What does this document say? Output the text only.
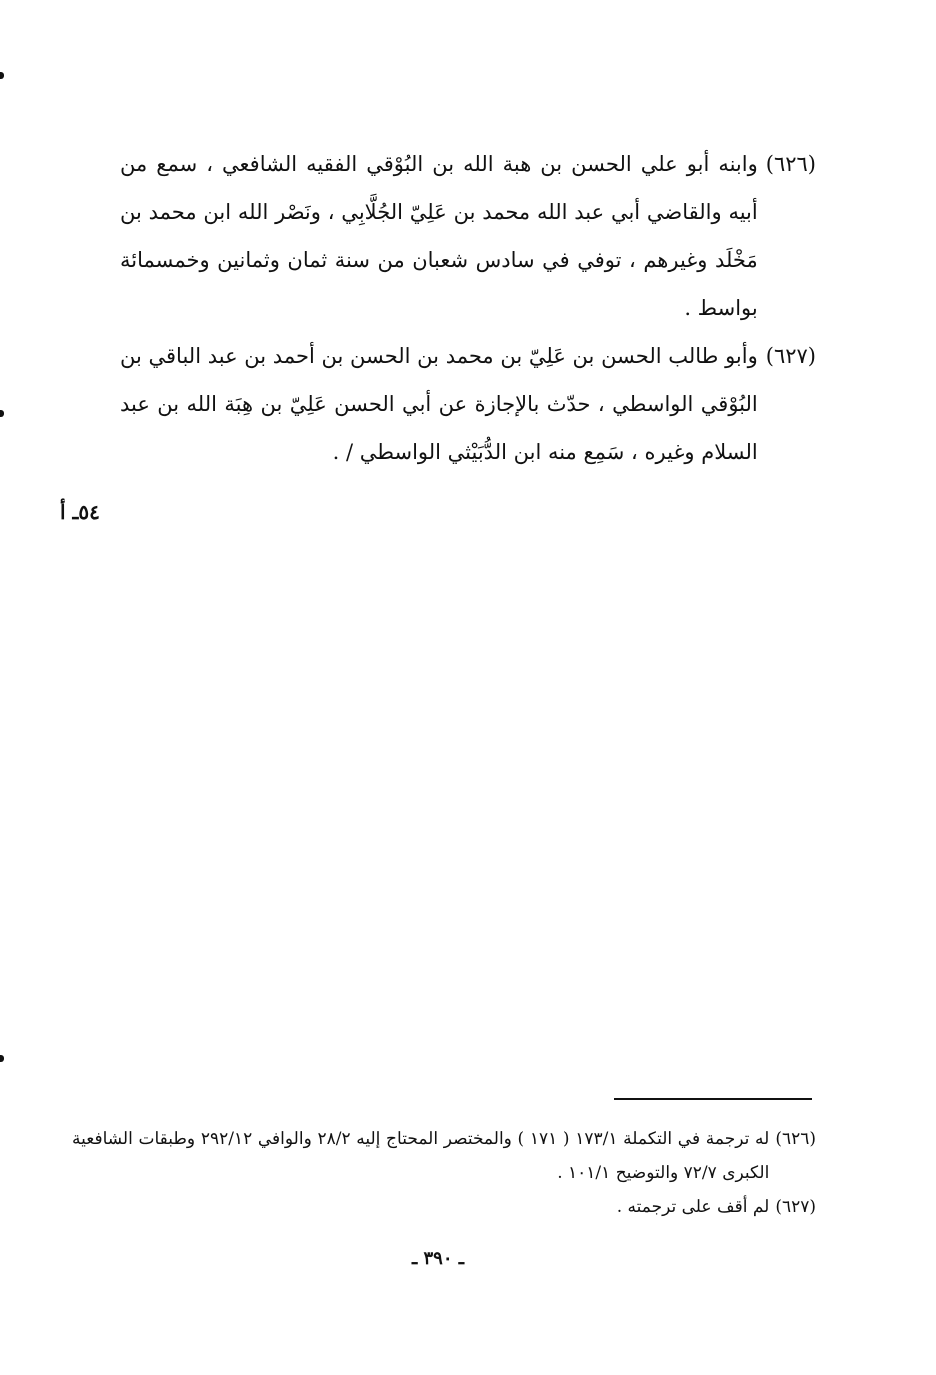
(٦٢٦)
وابنه أبو علي الحسن بن هبة الله بن البُوْقي الفقيه الشافعي ، سمع من أبيه والقاضي أبي عبد الله محمد بن عَلِيّ الجُلَّابِي ، ونَصْر الله ابن محمد بن مَخْلَد وغيرهم ، توفي في سادس شعبان من سنة ثمان وثمانين وخمسمائة بواسط .
(٦٢٧)
وأبو طالب الحسن بن عَلِيّ بن محمد بن الحسن بن أحمد بن عبد الباقي بن البُوْقي الواسطي ، حدّث بالإجازة عن أبي الحسن عَلِيّ بن هِبَة الله بن عبد السلام وغيره ، سَمِع منه ابن الدُّبَيْثي الواسطي / .
٥٤ـ أ
(٦٢٦)
له ترجمة في التكملة ١٧٣/١ ( ١٧١ ) والمختصر المحتاج إليه ٢٨/٢ والوافي ٢٩٢/١٢ وطبقات الشافعية الكبرى ٧٢/٧ والتوضيح ١٠١/١ .
(٦٢٧)
لم أقف على ترجمته .
ـ ٣٩٠ ـ
